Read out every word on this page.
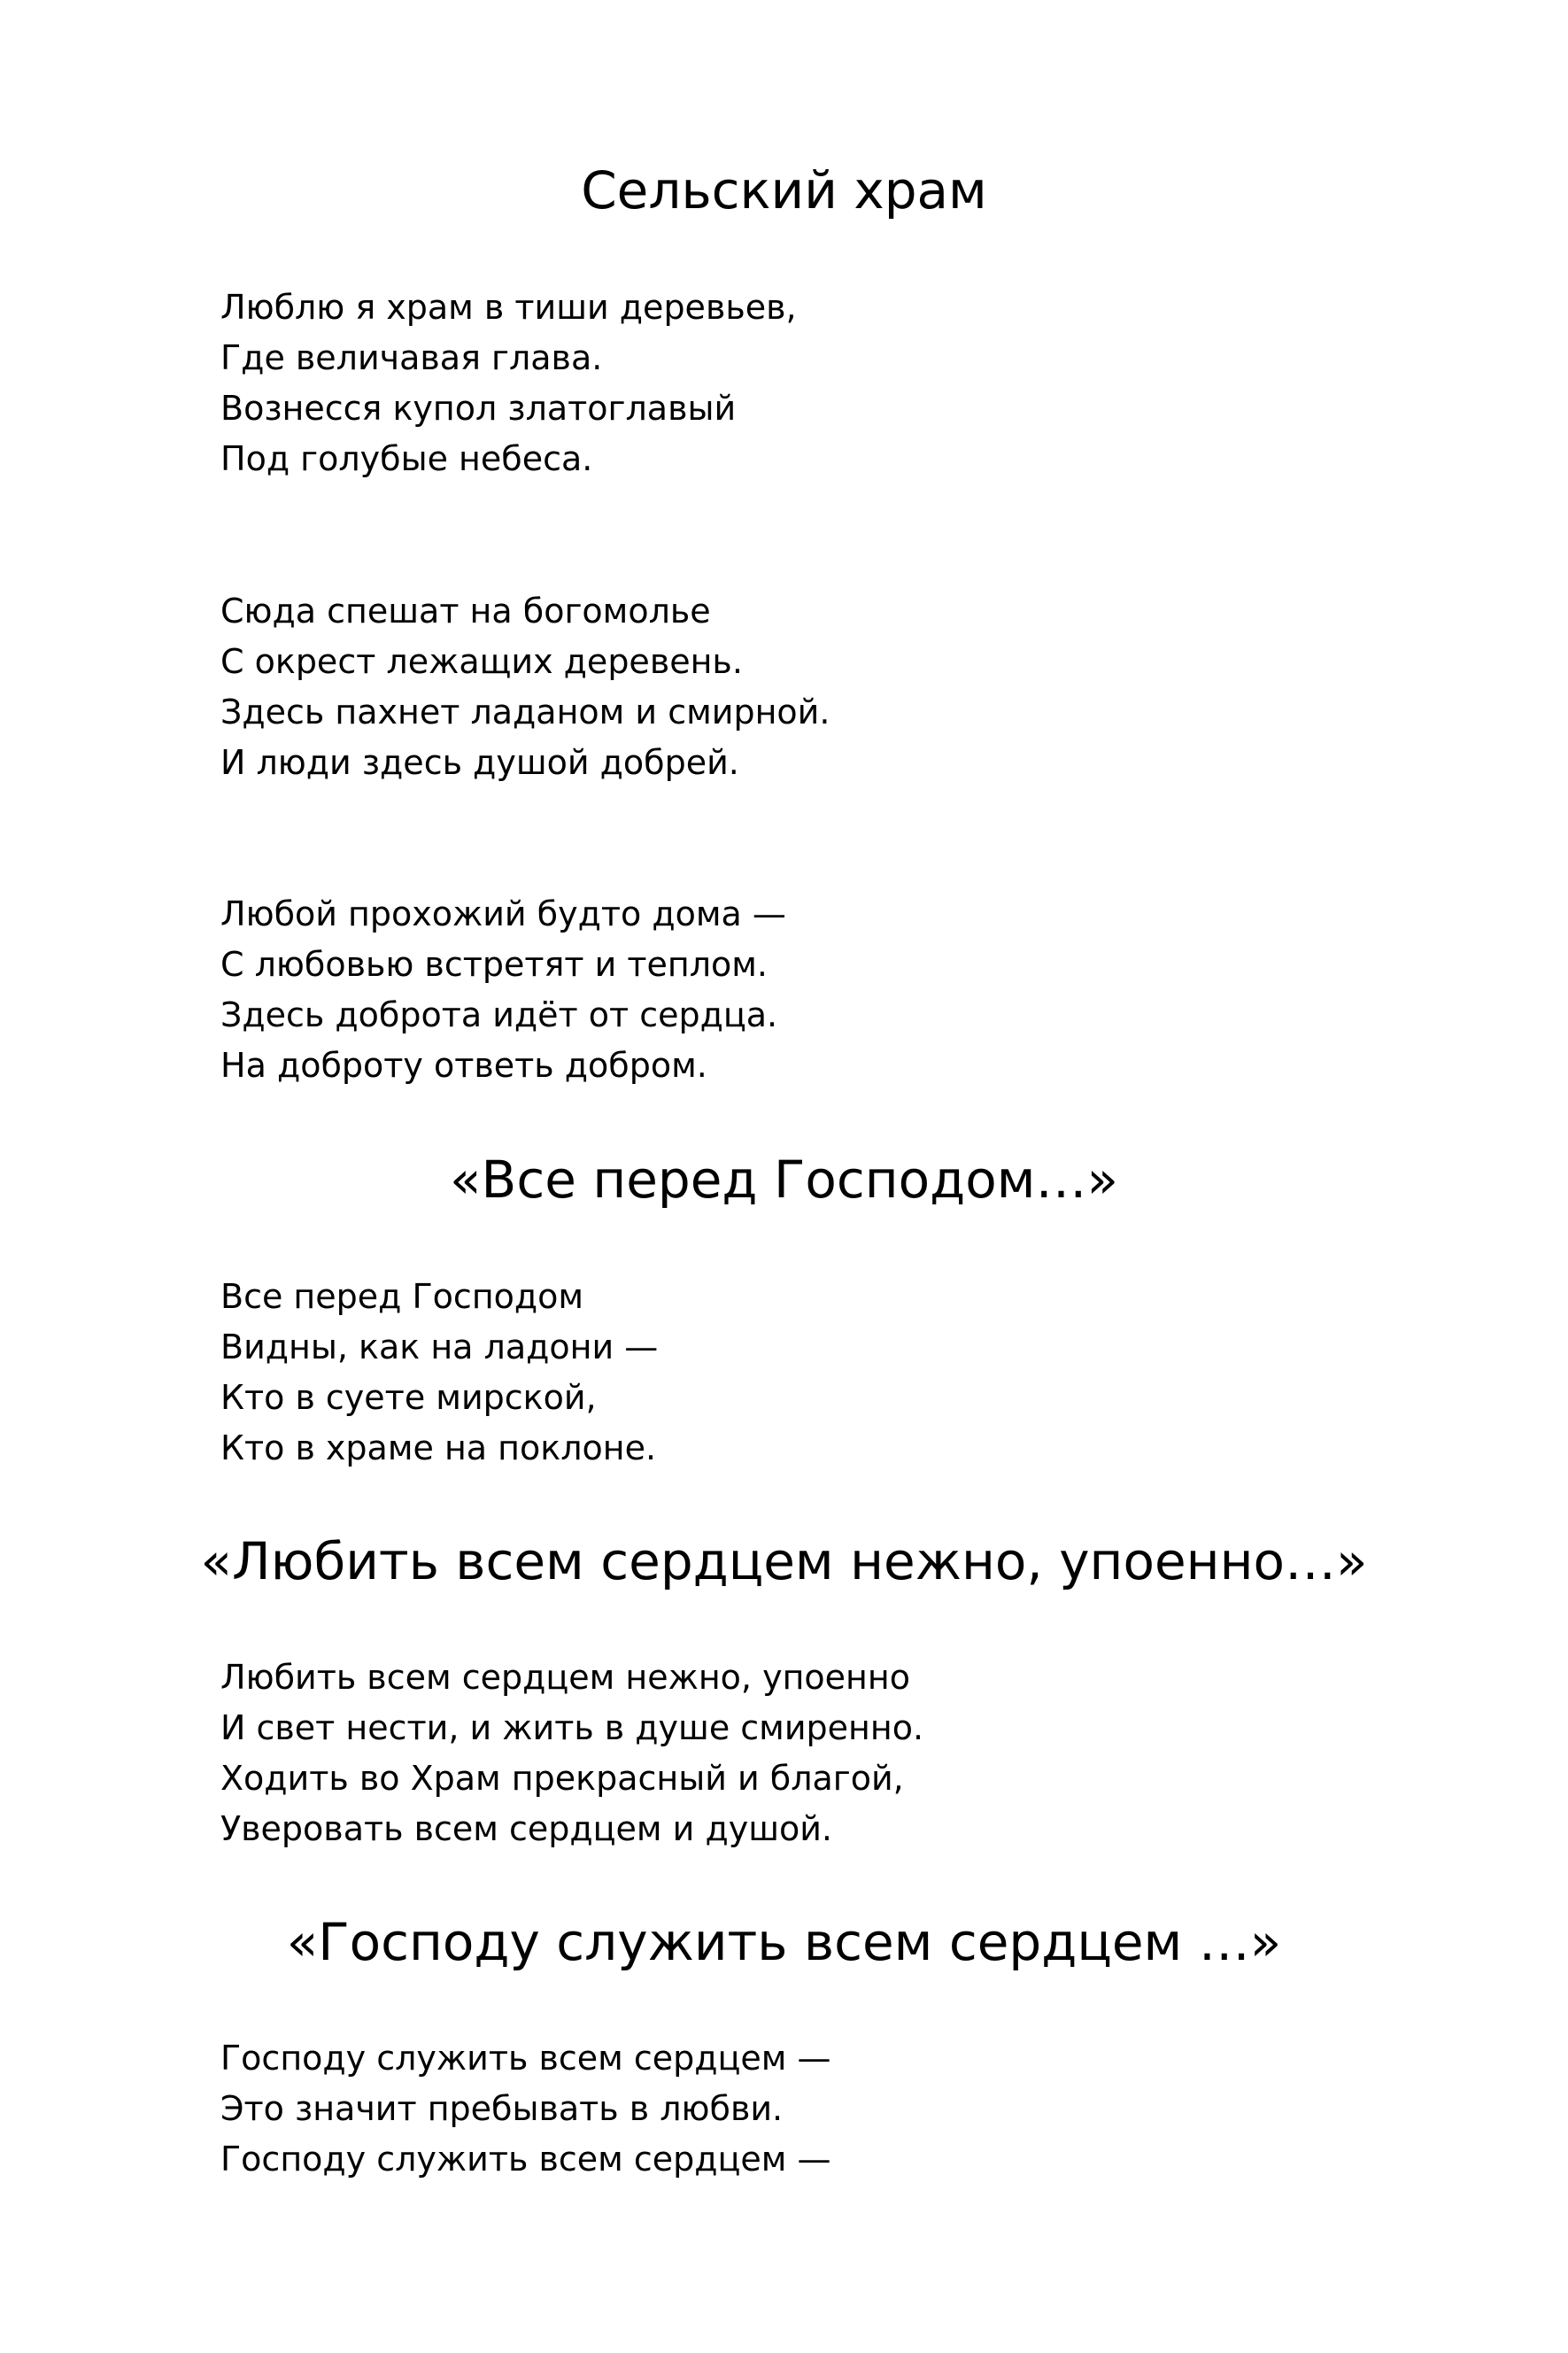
Сельский храм
Люблю я храм в тиши деревьев,
Где величавая глава.
Вознесся купол златоглавый
Под голубые небеса.
Сюда спешат на богомолье
С окрест лежащих деревень.
Здесь пахнет ладаном и смирной.
И люди здесь душой добрей.
Любой прохожий будто дома —
С любовью встретят и теплом.
Здесь доброта идёт от сердца.
На доброту ответь добром.
«Все перед Господом…»
Все перед Господом
Видны, как на ладони —
Кто в суете мирской,
Кто в храме на поклоне.
«Любить всем сердцем нежно, упоенно…»
Любить всем сердцем нежно, упоенно
И свет нести, и жить в душе смиренно.
Ходить во Храм прекрасный и благой,
Уверовать всем сердцем и душой.
«Господу служить всем сердцем …»
Господу служить всем сердцем —
Это значит пребывать в любви.
Господу служить всем сердцем —
